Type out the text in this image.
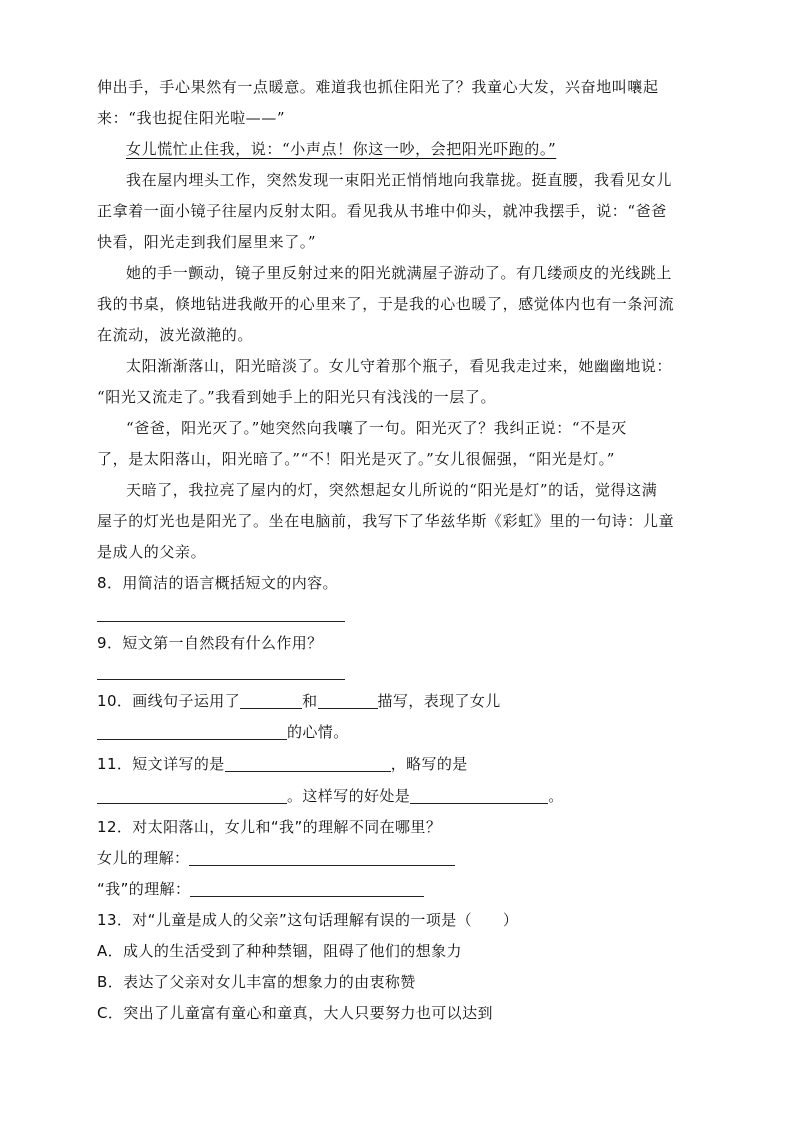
伸出手，手心果然有一点暖意。难道我也抓住阳光了？我童心大发，兴奋地叫嚷起
来：“我也捉住阳光啦——”
女儿慌忙止住我，说：“小声点！你这一吵，会把阳光吓跑的。”
我在屋内埋头工作，突然发现一束阳光正悄悄地向我靠拢。挺直腰，我看见女儿
正拿着一面小镜子往屋内反射太阳。看见我从书堆中仰头，就冲我摆手，说：“爸爸
快看，阳光走到我们屋里来了。”
她的手一颤动，镜子里反射过来的阳光就满屋子游动了。有几缕顽皮的光线跳上
我的书桌，倏地钻进我敞开的心里来了，于是我的心也暖了，感觉体内也有一条河流
在流动，波光潋滟的。
太阳渐渐落山，阳光暗淡了。女儿守着那个瓶子，看见我走过来，她幽幽地说：
“阳光又流走了。”我看到她手上的阳光只有浅浅的一层了。
“爸爸，阳光灭了。”她突然向我嚷了一句。阳光灭了？我纠正说：“不是灭
了，是太阳落山，阳光暗了。”“不！阳光是灭了。”女儿很倔强，“阳光是灯。”
天暗了，我拉亮了屋内的灯，突然想起女儿所说的“阳光是灯”的话，觉得这满
屋子的灯光也是阳光了。坐在电脑前，我写下了华兹华斯《彩虹》里的一句诗：儿童
是成人的父亲。
8．用简洁的语言概括短文的内容。
9．短文第一自然段有什么作用？
10．画线句子运用了	和	描写，表现了女儿
的心情。
11．短文详写的是	，略写的是
。这样写的好处是	。
12．对太阳落山，女儿和“我”的理解不同在哪里？
女儿的理解：
“我”的理解：
13．对“儿童是成人的父亲”这句话理解有误的一项是（　　）
A．成人的生活受到了种种禁锢，阻碍了他们的想象力
B．表达了父亲对女儿丰富的想象力的由衷称赞
C．突出了儿童富有童心和童真，大人只要努力也可以达到
